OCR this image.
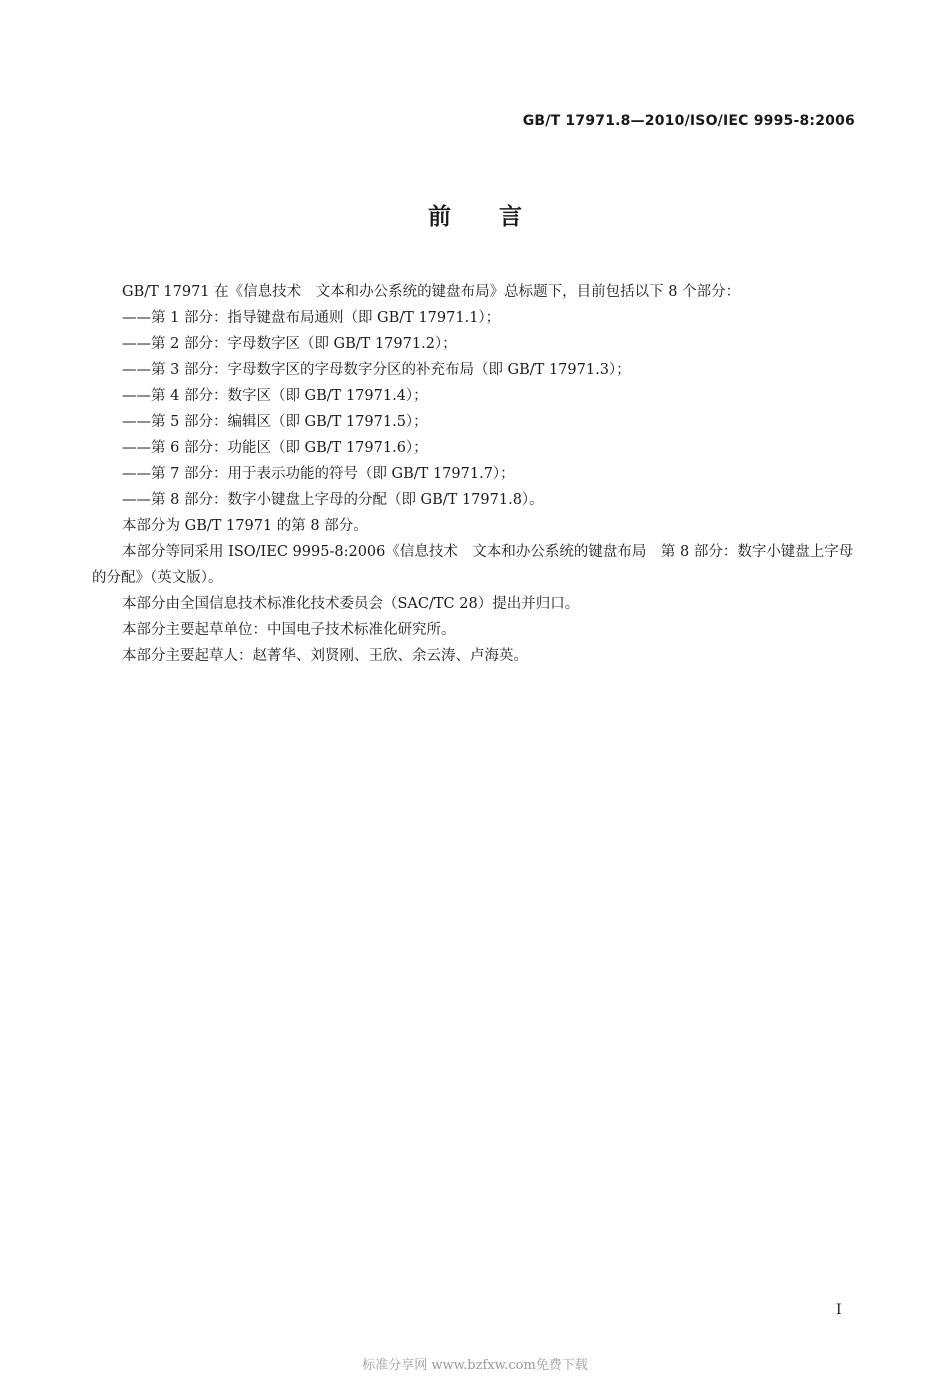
GB/T 17971.8—2010/ISO/IEC 9995-8:2006
前言

GB/T 17971 在《信息技术　文本和办公系统的键盘布局》总标题下，目前包括以下 8 个部分：

——第 1 部分：指导键盘布局通则（即 GB/T 17971.1）；

——第 2 部分：字母数字区（即 GB/T 17971.2）；

——第 3 部分：字母数字区的字母数字分区的补充布局（即 GB/T 17971.3）；

——第 4 部分：数字区（即 GB/T 17971.4）；

——第 5 部分：编辑区（即 GB/T 17971.5）；

——第 6 部分：功能区（即 GB/T 17971.6）；

——第 7 部分：用于表示功能的符号（即 GB/T 17971.7）；

——第 8 部分：数字小键盘上字母的分配（即 GB/T 17971.8）。

本部分为 GB/T 17971 的第 8 部分。

本部分等同采用 ISO/IEC 9995-8:2006《信息技术　文本和办公系统的键盘布局　第 8 部分：数字小键盘上字母的分配》（英文版）。

本部分由全国信息技术标准化技术委员会（SAC/TC 28）提出并归口。

本部分主要起草单位：中国电子技术标准化研究所。

本部分主要起草人：赵菁华、刘贤刚、王欣、余云涛、卢海英。

I
标准分享网 www.bzfxw.com免费下载
